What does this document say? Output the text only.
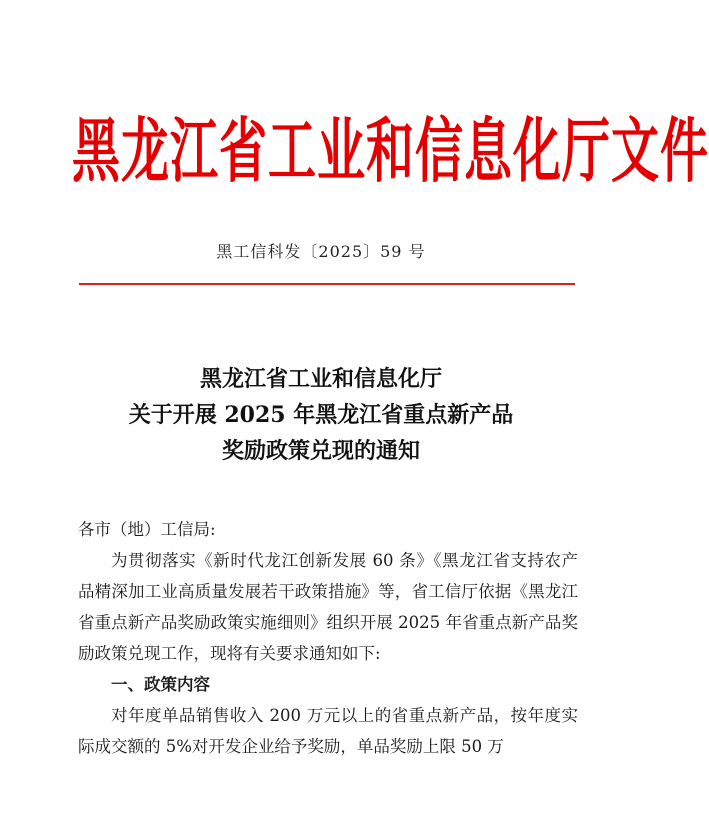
黑龙江省工业和信息化厅文件
黑工信科发〔2025〕59 号
黑龙江省工业和信息化厅
关于开展 2025 年黑龙江省重点新产品
奖励政策兑现的通知

各市（地）工信局:

为贯彻落实《新时代龙江创新发展 60 条》《黑龙江省支持农产品精深加工业高质量发展若干政策措施》等，省工信厅依据《黑龙江省重点新产品奖励政策实施细则》组织开展 2025 年省重点新产品奖励政策兑现工作，现将有关要求通知如下:

一、政策内容

对年度单品销售收入 200 万元以上的省重点新产品，按年度实际成交额的 5%对开发企业给予奖励，单品奖励上限 50 万
